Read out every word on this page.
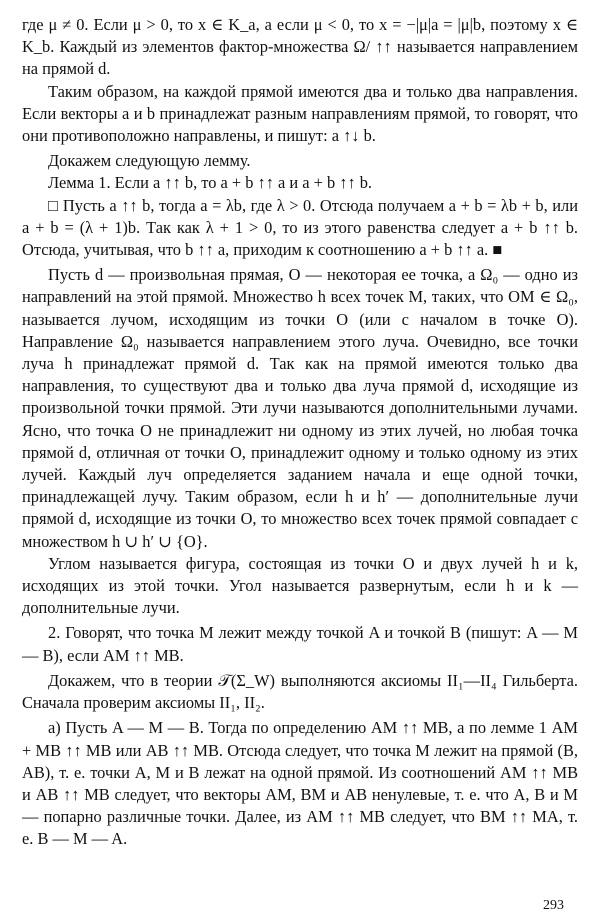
где μ ≠ 0. Если μ > 0, то x ∈ K_a, а если μ < 0, то x = −|μ|a = |μ|b, поэтому x ∈ K_b. Каждый из элементов фактор-множества Ω/ ↑↑ называется направлением на прямой d.

Таким образом, на каждой прямой имеются два и только два направления. Если векторы a и b принадлежат разным направлениям прямой, то говорят, что они противоположно направлены, и пишут: a ↑↓ b.

Докажем следующую лемму.

Лемма 1. Если a ↑↑ b, то a + b ↑↑ a и a + b ↑↑ b.

□ Пусть a ↑↑ b, тогда a = λb, где λ > 0. Отсюда получаем a + b = λb + b, или a + b = (λ + 1)b. Так как λ + 1 > 0, то из этого равенства следует a + b ↑↑ b. Отсюда, учитывая, что b ↑↑ a, приходим к соотношению a + b ↑↑ a. ■

Пусть d — произвольная прямая, O — некоторая ее точка, а Ω₀ — одно из направлений на этой прямой. Множество h всех точек M, таких, что OM ∈ Ω₀, называется лучом, исходящим из точки O (или с началом в точке O). Направление Ω₀ называется направлением этого луча. Очевидно, все точки луча h принадлежат прямой d. Так как на прямой имеются только два направления, то существуют два и только два луча прямой d, исходящие из произвольной точки прямой. Эти лучи называются дополнительными лучами. Ясно, что точка O не принадлежит ни одному из этих лучей, но любая точка прямой d, отличная от точки O, принадлежит одному и только одному из этих лучей. Каждый луч определяется заданием начала и еще одной точки, принадлежащей лучу. Таким образом, если h и h′ — дополнительные лучи прямой d, исходящие из точки O, то множество всех точек прямой совпадает с множеством h ∪ h′ ∪ {O}.

Углом называется фигура, состоящая из точки O и двух лучей h и k, исходящих из этой точки. Угол называется развернутым, если h и k — дополнительные лучи.

2. Говорят, что точка M лежит между точкой A и точкой B (пишут: A — M — B), если AM ↑↑ MB.

Докажем, что в теории 𝒯(Σ_W) выполняются аксиомы II₁—II₄ Гильберта. Сначала проверим аксиомы II₁, II₂.

а) Пусть A — M — B. Тогда по определению AM ↑↑ MB, а по лемме 1 AM + MB ↑↑ MB или AB ↑↑ MB. Отсюда следует, что точка M лежит на прямой (B, AB), т. е. точки A, M и B лежат на одной прямой. Из соотношений AM ↑↑ MB и AB ↑↑ MB следует, что векторы AM, BM и AB ненулевые, т. е. что A, B и M — попарно различные точки. Далее, из AM ↑↑ MB следует, что BM ↑↑ MA, т. е. B — M — A.

293
